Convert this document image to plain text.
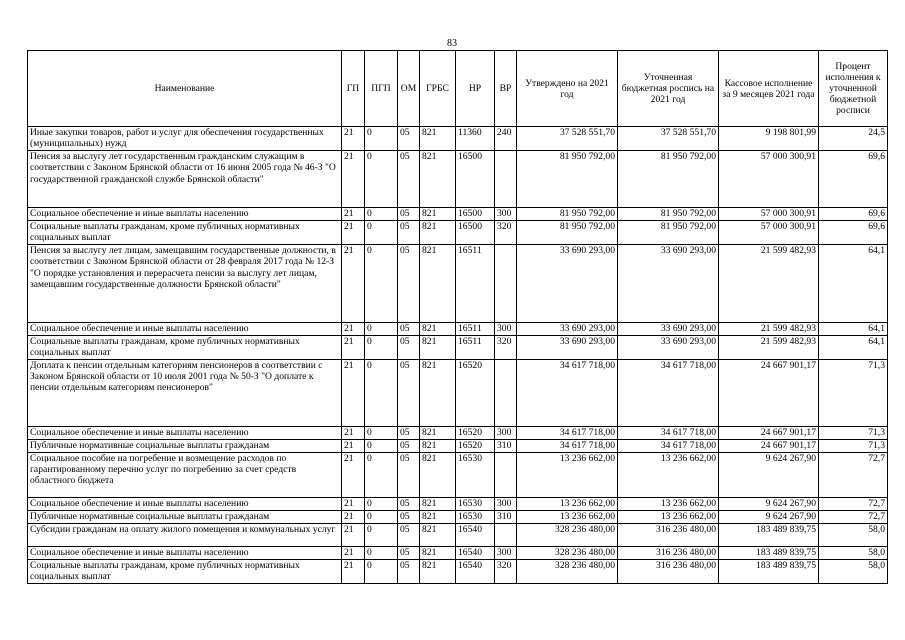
83
Наименование	ГП	ПГП	ОМ	ГРБС	НР	ВР	Утверждено на 2021 год	Уточненная бюджетная роспись на 2021 год	Кассовое исполнение за 9 месяцев 2021 года	Процент исполнения к уточненной бюджетной росписи
Иные закупки товаров, работ и услуг для обеспечения государственных (муниципальных) нужд	21	0	05	821	11360	240	37 528 551,70	37 528 551,70	9 198 801,99	24,5
Пенсия за выслугу лет государственным гражданским служащим в соответствии с Законом Брянской области от 16 июня 2005 года № 46-З "О государственной гражданской службе Брянской области"	21	0	05	821	16500		81 950 792,00	81 950 792,00	57 000 300,91	69,6
Социальное обеспечение и иные выплаты населению	21	0	05	821	16500	300	81 950 792,00	81 950 792,00	57 000 300,91	69,6
Социальные выплаты гражданам, кроме публичных нормативных социальных выплат	21	0	05	821	16500	320	81 950 792,00	81 950 792,00	57 000 300,91	69,6
Пенсия за выслугу лет лицам, замещавшим государственные должности, в соответствии с Законом Брянской области от 28 февраля 2017 года № 12-З "О порядке установления и перерасчета пенсии за выслугу лет лицам, замещавшим государственные должности Брянской области"	21	0	05	821	16511		33 690 293,00	33 690 293,00	21 599 482,93	64,1
Социальное обеспечение и иные выплаты населению	21	0	05	821	16511	300	33 690 293,00	33 690 293,00	21 599 482,93	64,1
Социальные выплаты гражданам, кроме публичных нормативных социальных выплат	21	0	05	821	16511	320	33 690 293,00	33 690 293,00	21 599 482,93	64,1
Доплата к пенсии отдельным категориям пенсионеров в соответствии с Законом Брянской области от 10 июля 2001 года № 50-З "О доплате к пенсии отдельным категориям пенсионеров"	21	0	05	821	16520		34 617 718,00	34 617 718,00	24 667 901,17	71,3
Социальное обеспечение и иные выплаты населению	21	0	05	821	16520	300	34 617 718,00	34 617 718,00	24 667 901,17	71,3
Публичные нормативные социальные выплаты гражданам	21	0	05	821	16520	310	34 617 718,00	34 617 718,00	24 667 901,17	71,3
Социальное пособие на погребение и возмещение расходов по гарантированному перечню услуг по погребению за счет средств областного бюджета	21	0	05	821	16530		13 236 662,00	13 236 662,00	9 624 267,90	72,7
Социальное обеспечение и иные выплаты населению	21	0	05	821	16530	300	13 236 662,00	13 236 662,00	9 624 267,90	72,7
Публичные нормативные социальные выплаты гражданам	21	0	05	821	16530	310	13 236 662,00	13 236 662,00	9 624 267,90	72,7
Субсидии гражданам на оплату жилого помещения и коммунальных услуг	21	0	05	821	16540		328 236 480,00	316 236 480,00	183 489 839,75	58,0
Социальное обеспечение и иные выплаты населению	21	0	05	821	16540	300	328 236 480,00	316 236 480,00	183 489 839,75	58,0
Социальные выплаты гражданам, кроме публичных нормативных социальных выплат	21	0	05	821	16540	320	328 236 480,00	316 236 480,00	183 489 839,75	58,0
